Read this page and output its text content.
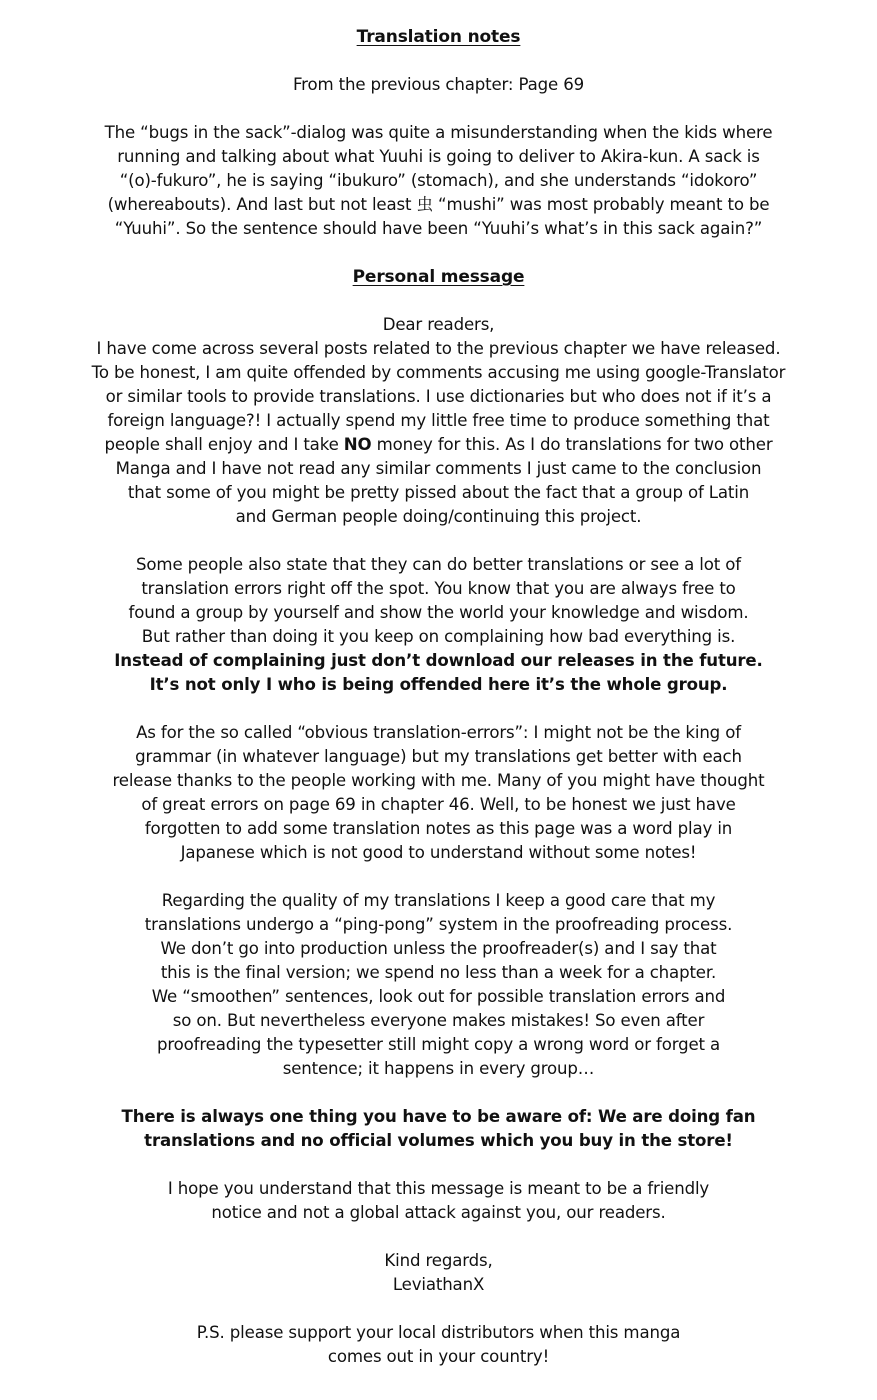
Translation notes

From the previous chapter: Page 69

The “bugs in the sack”-dialog was quite a misunderstanding when the kids where
running and talking about what Yuuhi is going to deliver to Akira-kun. A sack is
“(o)-fukuro”, he is saying “ibukuro” (stomach), and she understands “idokoro”
(whereabouts). And last but not least 虫 “mushi” was most probably meant to be
“Yuuhi”. So the sentence should have been “Yuuhi’s what’s in this sack again?”

Personal message

Dear readers,

I have come across several posts related to the previous chapter we have released.
To be honest, I am quite offended by comments accusing me using google-Translator
or similar tools to provide translations. I use dictionaries but who does not if it’s a
foreign language?! I actually spend my little free time to produce something that
people shall enjoy and I take NO money for this. As I do translations for two other
Manga and I have not read any similar comments I just came to the conclusion
that some of you might be pretty pissed about the fact that a group of Latin
and German people doing/continuing this project.

Some people also state that they can do better translations or see a lot of
translation errors right off the spot. You know that you are always free to
found a group by yourself and show the world your knowledge and wisdom.
But rather than doing it you keep on complaining how bad everything is.
Instead of complaining just don’t download our releases in the future.
It’s not only I who is being offended here it’s the whole group.

As for the so called “obvious translation-errors”: I might not be the king of
grammar (in whatever language) but my translations get better with each
release thanks to the people working with me. Many of you might have thought
of great errors on page 69 in chapter 46. Well, to be honest we just have
forgotten to add some translation notes as this page was a word play in
Japanese which is not good to understand without some notes!

Regarding the quality of my translations I keep a good care that my
translations undergo a “ping-pong” system in the proofreading process.
We don’t go into production unless the proofreader(s) and I say that
this is the final version; we spend no less than a week for a chapter.
We “smoothen” sentences, look out for possible translation errors and
so on. But nevertheless everyone makes mistakes! So even after
proofreading the typesetter still might copy a wrong word or forget a
sentence; it happens in every group…

There is always one thing you have to be aware of: We are doing fan
translations and no official volumes which you buy in the store!

I hope you understand that this message is meant to be a friendly
notice and not a global attack against you, our readers.

Kind regards,
LeviathanX

P.S. please support your local distributors when this manga
comes out in your country!
